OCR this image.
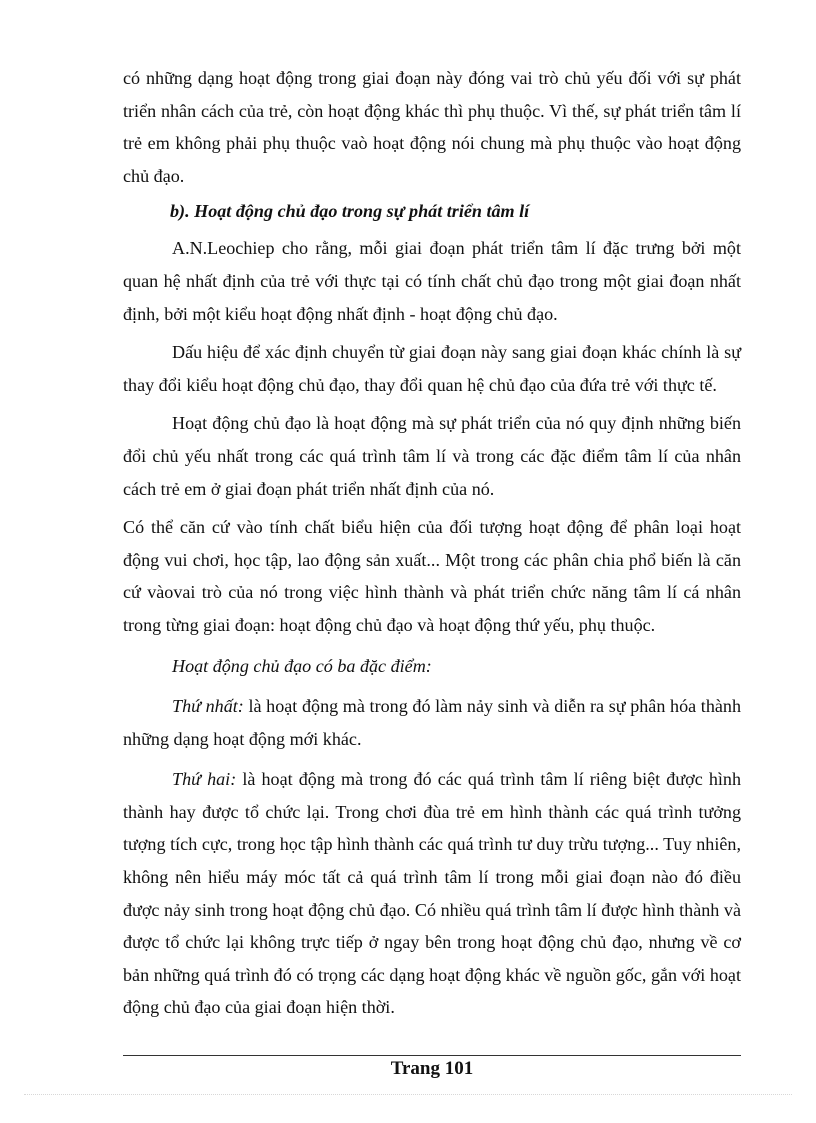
có những dạng hoạt động trong giai đoạn này đóng vai trò chủ yếu đối với sự phát triển nhân cách của trẻ, còn hoạt động khác thì phụ thuộc. Vì thế, sự phát triển tâm lí trẻ em không phải phụ thuộc vaò hoạt động nói chung mà phụ thuộc vào hoạt động chủ đạo.

b). Hoạt động chủ đạo trong sự phát triển tâm lí

A.N.Leochiep cho rằng, mỗi giai đoạn phát triển tâm lí đặc trưng bởi một quan hệ nhất định của trẻ với thực tại có tính chất chủ đạo trong một giai đoạn nhất định, bởi một kiểu hoạt động nhất định - hoạt động chủ đạo.

Dấu hiệu để xác định chuyển từ giai đoạn này sang giai đoạn khác chính là sự thay đổi kiểu hoạt động chủ đạo, thay đổi quan hệ chủ đạo của đứa trẻ với thực tế.

Hoạt động chủ đạo là hoạt động mà sự phát triển của nó quy định những biến đổi chủ yếu nhất trong các quá trình tâm lí và trong các đặc điểm tâm lí của nhân cách trẻ em ở giai đoạn phát triển nhất định của nó.

Có thể căn cứ vào tính chất biểu hiện của đối tượng hoạt động để phân loại hoạt động vui chơi, học tập, lao động sản xuất... Một trong các phân chia phổ biến là căn cứ vàovai trò của nó trong việc hình thành và phát triển chức năng tâm lí cá nhân trong từng giai đoạn: hoạt động chủ đạo và hoạt động thứ yếu, phụ thuộc.

Hoạt động chủ đạo có ba đặc điểm:

Thứ nhất: là hoạt động mà trong đó làm nảy sinh và diễn ra sự phân hóa thành những dạng hoạt động mới khác.

Thứ hai: là hoạt động mà trong đó các quá trình tâm lí riêng biệt được hình thành hay được tổ chức lại. Trong chơi đùa trẻ em hình thành các quá trình tưởng tượng tích cực, trong học tập hình thành các quá trình tư duy trừu tượng... Tuy nhiên, không nên hiểu máy móc tất cả quá trình tâm lí trong mỗi giai đoạn nào đó điều được nảy sinh trong hoạt động chủ đạo. Có nhiều quá trình tâm lí được hình thành và được tổ chức lại không trực tiếp ở ngay bên trong hoạt động chủ đạo, nhưng về cơ bản những quá trình đó có trọng các dạng hoạt động khác về nguồn gốc, gắn với hoạt động chủ đạo của giai đoạn hiện thời.

Trang 101
